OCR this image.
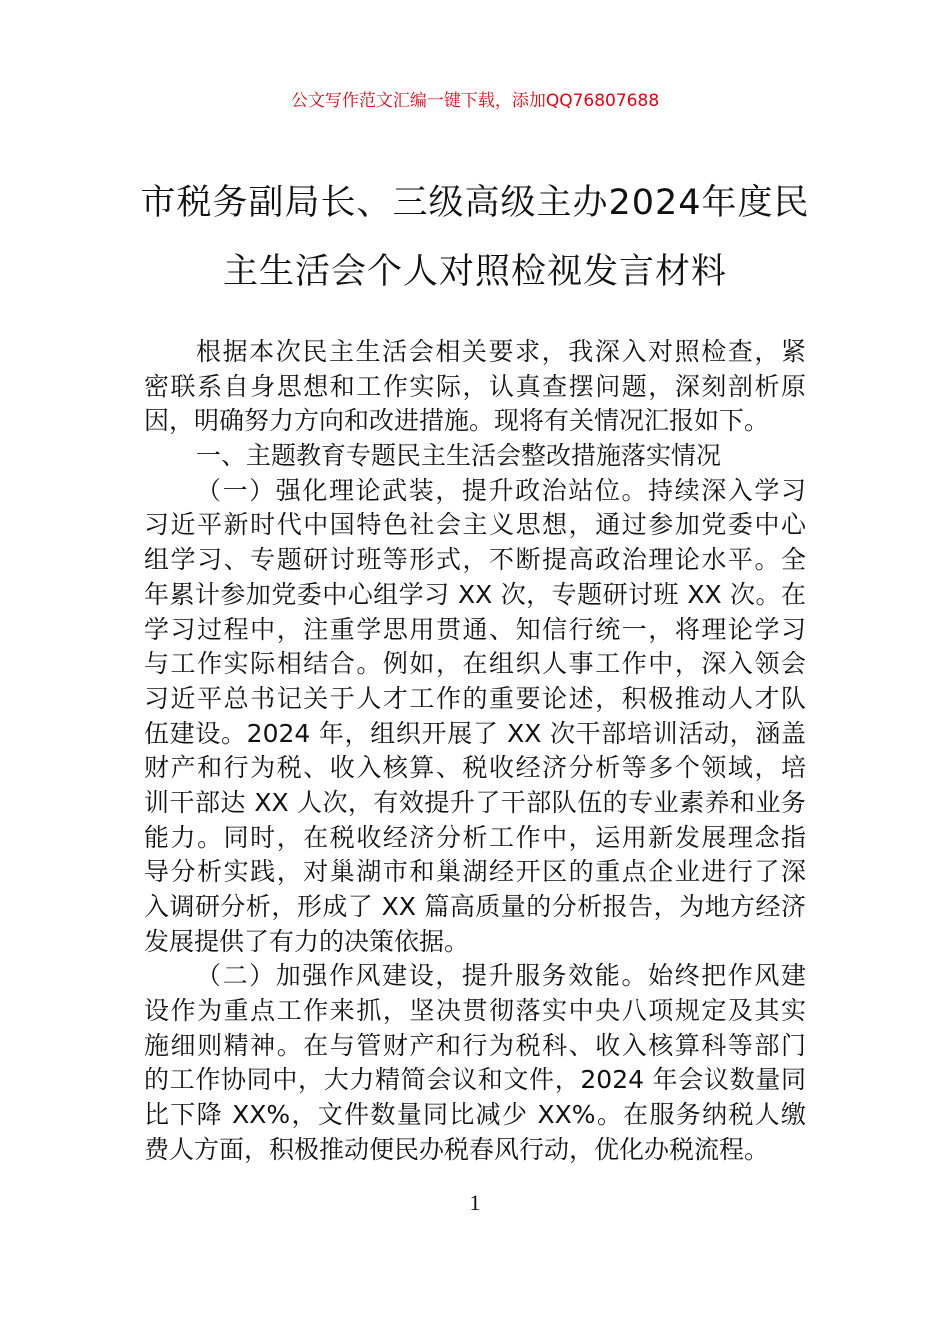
公文写作范文汇编一键下载，添加QQ76807688
市税务副局长、三级高级主办2024年度民
主生活会个人对照检视发言材料
根据本次民主生活会相关要求，我深入对照检查，紧
密联系自身思想和工作实际，认真查摆问题，深刻剖析原
因，明确努力方向和改进措施。现将有关情况汇报如下。
一、主题教育专题民主生活会整改措施落实情况
（一）强化理论武装，提升政治站位。持续深入学习
习近平新时代中国特色社会主义思想，通过参加党委中心
组学习、专题研讨班等形式，不断提高政治理论水平。全
年累计参加党委中心组学习 XX 次，专题研讨班 XX 次。在
学习过程中，注重学思用贯通、知信行统一，将理论学习
与工作实际相结合。例如，在组织人事工作中，深入领会
习近平总书记关于人才工作的重要论述，积极推动人才队
伍建设。2024 年，组织开展了 XX 次干部培训活动，涵盖
财产和行为税、收入核算、税收经济分析等多个领域，培
训干部达 XX 人次，有效提升了干部队伍的专业素养和业务
能力。同时，在税收经济分析工作中，运用新发展理念指
导分析实践，对巢湖市和巢湖经开区的重点企业进行了深
入调研分析，形成了 XX 篇高质量的分析报告，为地方经济
发展提供了有力的决策依据。
（二）加强作风建设，提升服务效能。始终把作风建
设作为重点工作来抓，坚决贯彻落实中央八项规定及其实
施细则精神。在与管财产和行为税科、收入核算科等部门
的工作协同中，大力精简会议和文件，2024 年会议数量同
比下降 XX%，文件数量同比减少 XX%。在服务纳税人缴
费人方面，积极推动便民办税春风行动，优化办税流程。
1
